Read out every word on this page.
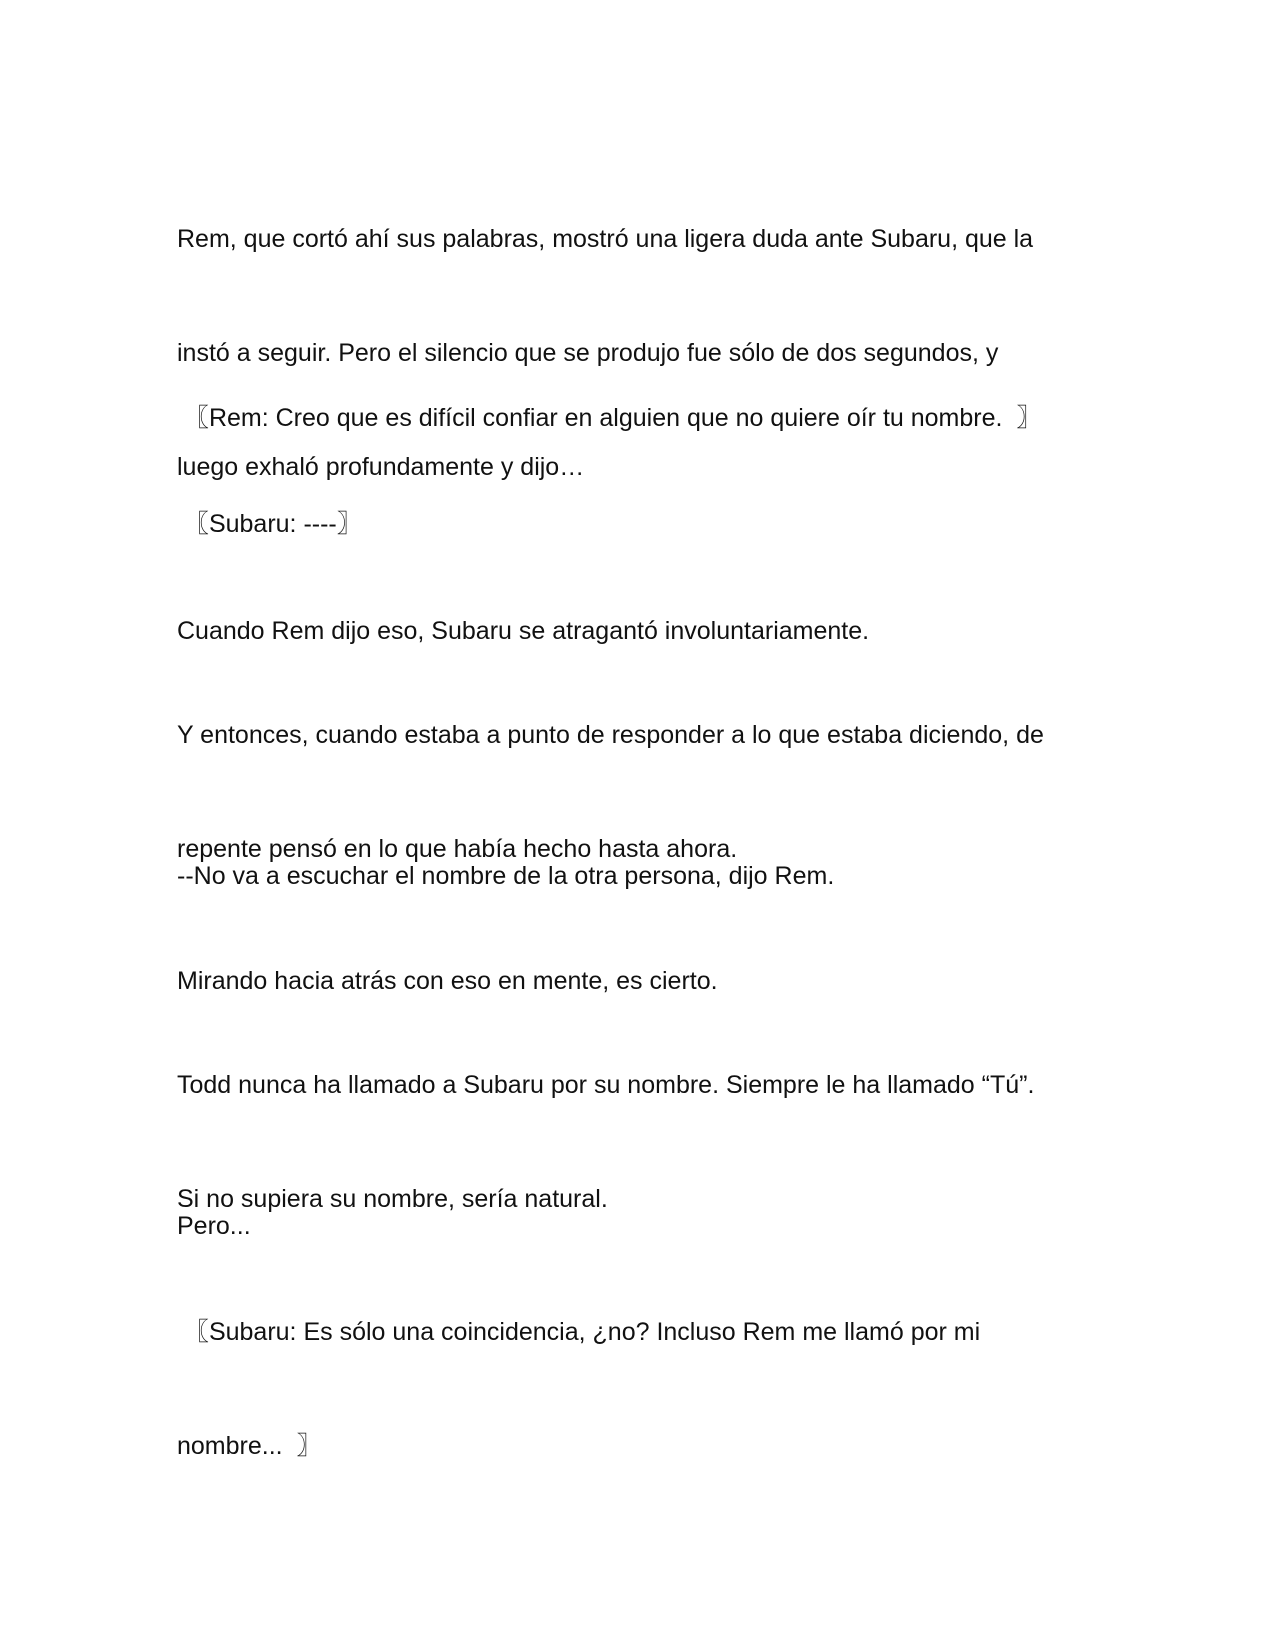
Rem, que cortó ahí sus palabras, mostró una ligera duda ante Subaru, que la

instó a seguir. Pero el silencio que se produjo fue sólo de dos segundos, y

luego exhaló profundamente y dijo…

〖Rem: Creo que es difícil confiar en alguien que no quiere oír tu nombre.  〗

〖Subaru: ----〗

Cuando Rem dijo eso, Subaru se atragantó involuntariamente.

Y entonces, cuando estaba a punto de responder a lo que estaba diciendo, de

repente pensó en lo que había hecho hasta ahora.

--No va a escuchar el nombre de la otra persona, dijo Rem.

Mirando hacia atrás con eso en mente, es cierto.

Todd nunca ha llamado a Subaru por su nombre. Siempre le ha llamado “Tú”.

Si no supiera su nombre, sería natural.

Pero...

〖Subaru: Es sólo una coincidencia, ¿no? Incluso Rem me llamó por mi

nombre...  〗
